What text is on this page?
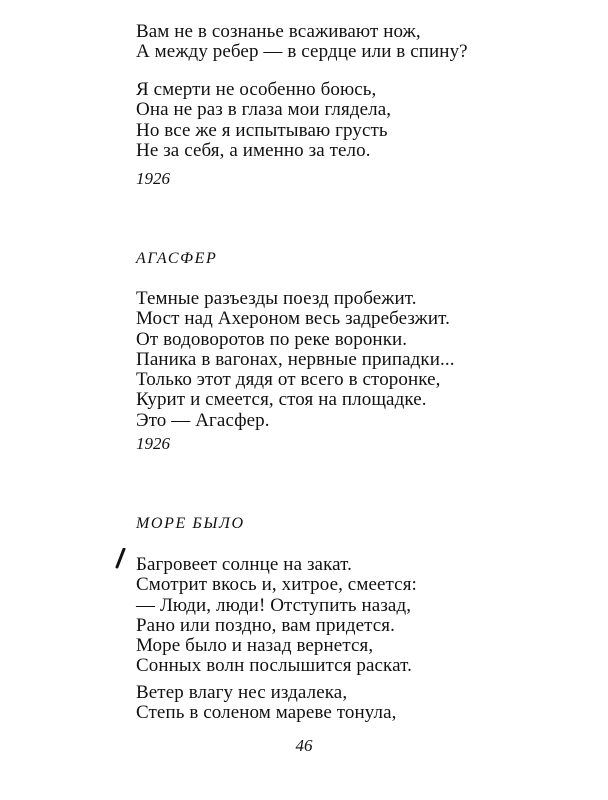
Вам не в сознанье всаживают нож,
А между ребер — в сердце или в спину?
Я смерти не особенно боюсь,
Она не раз в глаза мои глядела,
Но все же я испытываю грусть
Не за себя, а именно за тело.
1926
АГАСФЕР
Темные разъезды поезд пробежит.
Мост над Ахероном весь задребезжит.
От водоворотов по реке воронки.
Паника в вагонах, нервные припадки...
Только этот дядя от всего в сторонке,
Курит и смеется, стоя на площадке.
Это — Агасфер.
1926
МОРЕ БЫЛО
Багровеет солнце на закат.
Смотрит вкось и, хитрое, смеется:
— Люди, люди! Отступить назад,
Рано или поздно, вам придется.
Море было и назад вернется,
Сонных волн послышится раскат.
Ветер влагу нес издалека,
Степь в соленом мареве тонула,
46
